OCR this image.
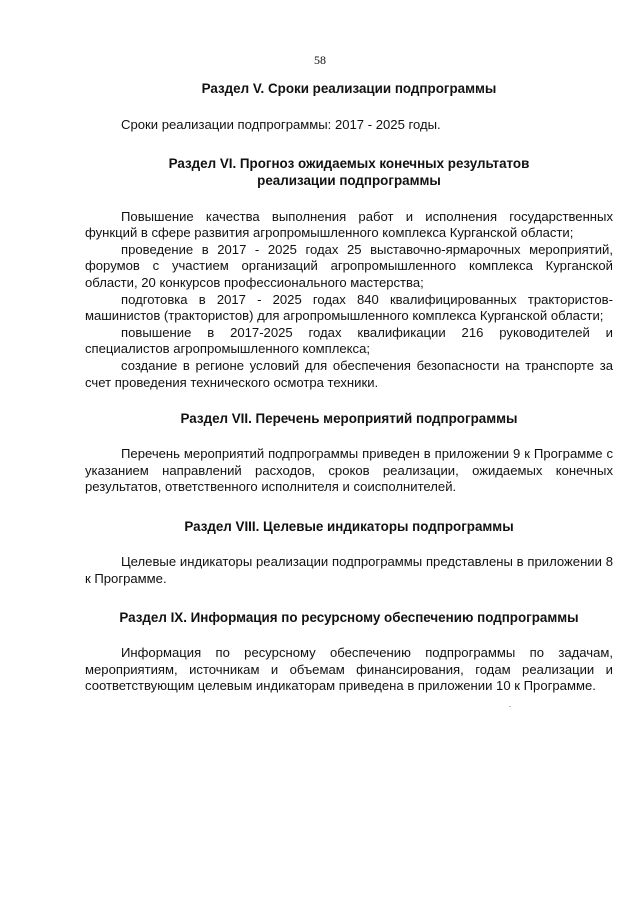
58
Раздел V. Сроки реализации подпрограммы

Сроки реализации подпрограммы: 2017 - 2025 годы.

Раздел VI. Прогноз ожидаемых конечных результатов
реализации подпрограммы

Повышение качества выполнения работ и исполнения государственных функций в сфере развития агропромышленного комплекса Курганской области;

проведение в 2017 - 2025 годах 25 выставочно-ярмарочных мероприятий, форумов с участием организаций агропромышленного комплекса Курганской области, 20 конкурсов профессионального мастерства;

подготовка в 2017 - 2025 годах 840 квалифицированных трактористов-машинистов (трактористов) для агропромышленного комплекса Курганской области;

повышение в 2017-2025 годах квалификации 216 руководителей и специалистов агропромышленного комплекса;

создание в регионе условий для обеспечения безопасности на транспорте за счет проведения технического осмотра техники.

Раздел VII. Перечень мероприятий подпрограммы

Перечень мероприятий подпрограммы приведен в приложении 9 к Программе с указанием направлений расходов, сроков реализации, ожидаемых конечных результатов, ответственного исполнителя и соисполнителей.

Раздел VIII. Целевые индикаторы подпрограммы

Целевые индикаторы реализации подпрограммы представлены в приложении 8 к Программе.

Раздел IX. Информация по ресурсному обеспечению подпрограммы

Информация по ресурсному обеспечению подпрограммы по задачам, мероприятиям, источникам и объемам финансирования, годам реализации и соответствующим целевым индикаторам приведена в приложении 10 к Программе.
